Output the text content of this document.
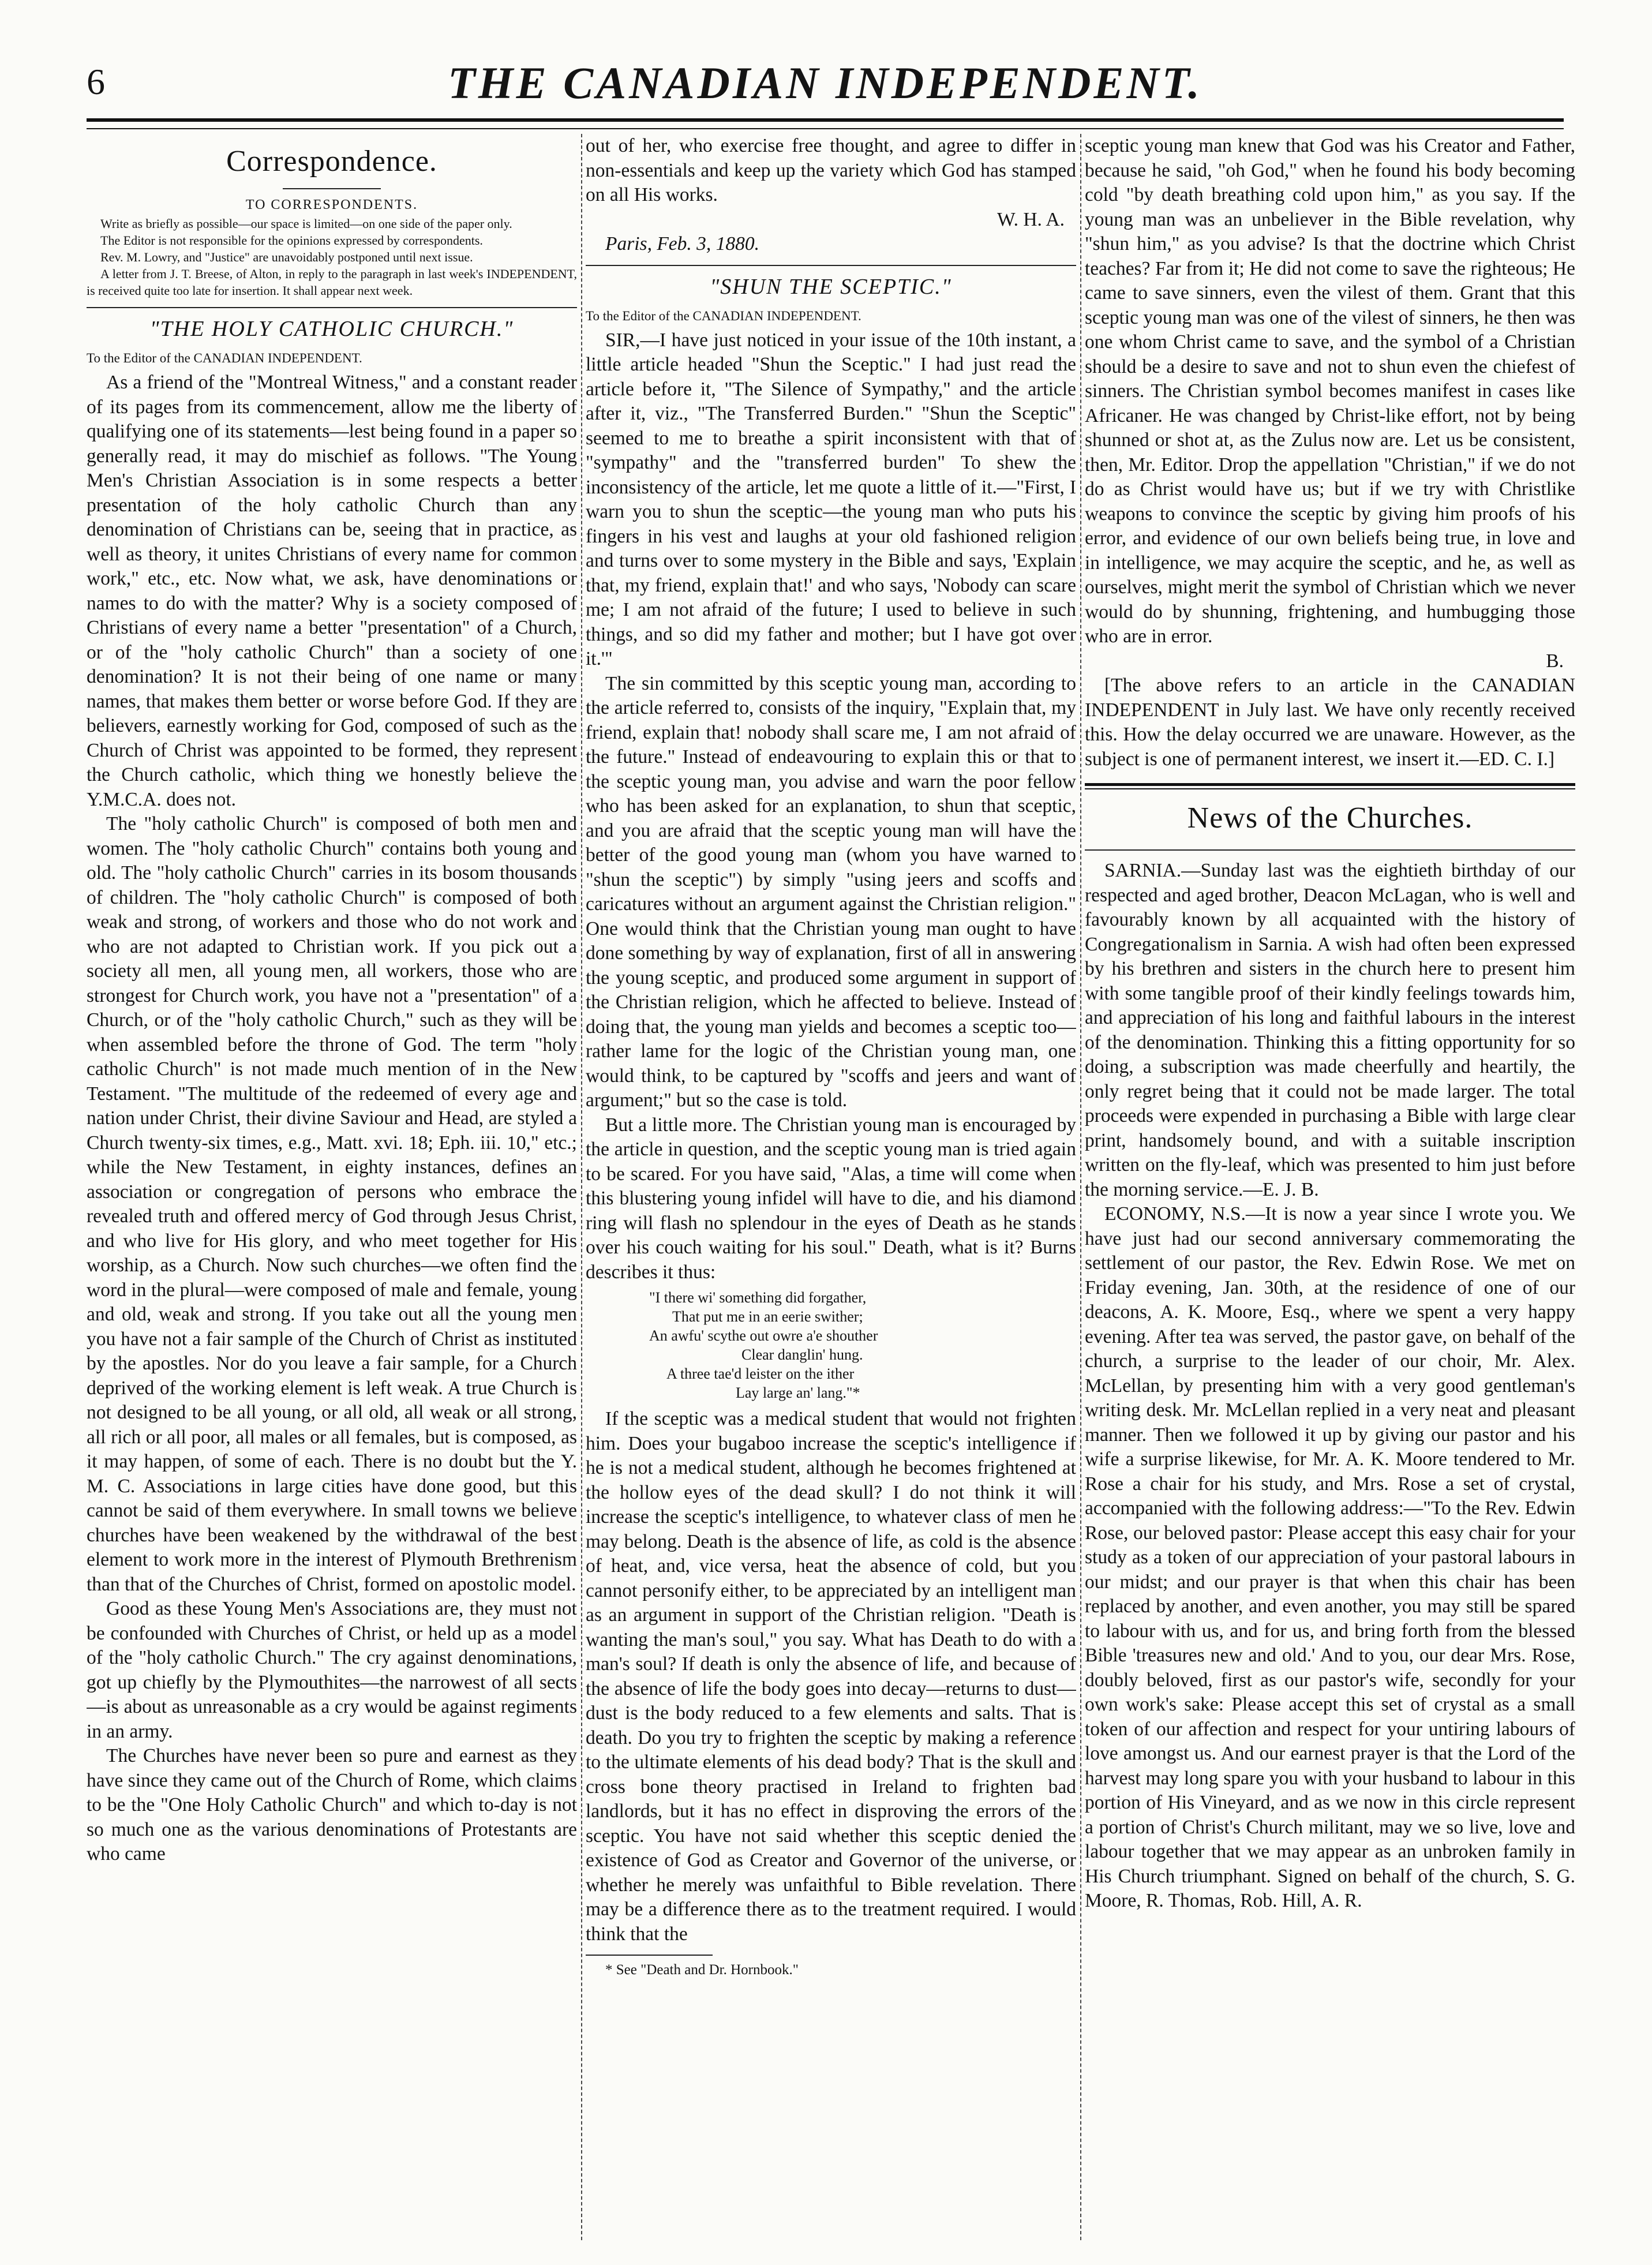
6	THE CANADIAN INDEPENDENT.
Correspondence.
TO CORRESPONDENTS.

Write as briefly as possible—our space is limited—on one side of the paper only.

The Editor is not responsible for the opinions expressed by correspondents.

Rev. M. Lowry, and "Justice" are unavoidably postponed until next issue.

A letter from J. T. Breese, of Alton, in reply to the paragraph in last week's INDEPENDENT, is received quite too late for insertion. It shall appear next week.

"THE HOLY CATHOLIC CHURCH."

To the Editor of the CANADIAN INDEPENDENT.

As a friend of the "Montreal Witness," and a constant reader of its pages from its commencement, allow me the liberty of qualifying one of its statements—lest being found in a paper so generally read, it may do mischief as follows. "The Young Men's Christian Association is in some respects a better presentation of the holy catholic Church than any denomination of Christians can be, seeing that in practice, as well as theory, it unites Christians of every name for common work," etc., etc. Now what, we ask, have denominations or names to do with the matter? Why is a society composed of Christians of every name a better "presentation" of a Church, or of the "holy catholic Church" than a society of one denomination? It is not their being of one name or many names, that makes them better or worse before God. If they are believers, earnestly working for God, composed of such as the Church of Christ was appointed to be formed, they represent the Church catholic, which thing we honestly believe the Y.M.C.A. does not.

The "holy catholic Church" is composed of both men and women. The "holy catholic Church" contains both young and old. The "holy catholic Church" carries in its bosom thousands of children. The "holy catholic Church" is composed of both weak and strong, of workers and those who do not work and who are not adapted to Christian work. If you pick out a society all men, all young men, all workers, those who are strongest for Church work, you have not a "presentation" of a Church, or of the "holy catholic Church," such as they will be when assembled before the throne of God. The term "holy catholic Church" is not made much mention of in the New Testament. "The multitude of the redeemed of every age and nation under Christ, their divine Saviour and Head, are styled a Church twenty-six times, e.g., Matt. xvi. 18; Eph. iii. 10," etc.; while the New Testament, in eighty instances, defines an association or congregation of persons who embrace the revealed truth and offered mercy of God through Jesus Christ, and who live for His glory, and who meet together for His worship, as a Church. Now such churches—we often find the word in the plural—were composed of male and female, young and old, weak and strong. If you take out all the young men you have not a fair sample of the Church of Christ as instituted by the apostles. Nor do you leave a fair sample, for a Church deprived of the working element is left weak. A true Church is not designed to be all young, or all old, all weak or all strong, all rich or all poor, all males or all females, but is composed, as it may happen, of some of each. There is no doubt but the Y. M. C. Associations in large cities have done good, but this cannot be said of them everywhere. In small towns we believe churches have been weakened by the withdrawal of the best element to work more in the interest of Plymouth Brethrenism than that of the Churches of Christ, formed on apostolic model.

Good as these Young Men's Associations are, they must not be confounded with Churches of Christ, or held up as a model of the "holy catholic Church." The cry against denominations, got up chiefly by the Plymouthites—the narrowest of all sects—is about as unreasonable as a cry would be against regiments in an army.

The Churches have never been so pure and earnest as they have since they came out of the Church of Rome, which claims to be the "One Holy Catholic Church" and which to-day is not so much one as the various denominations of Protestants are who came

out of her, who exercise free thought, and agree to differ in non-essentials and keep up the variety which God has stamped on all His works.

W. H. A.

Paris, Feb. 3, 1880.

"SHUN THE SCEPTIC."

To the Editor of the CANADIAN INDEPENDENT.

SIR,—I have just noticed in your issue of the 10th instant, a little article headed "Shun the Sceptic." I had just read the article before it, "The Silence of Sympathy," and the article after it, viz., "The Transferred Burden." "Shun the Sceptic" seemed to me to breathe a spirit inconsistent with that of "sympathy" and the "transferred burden" To shew the inconsistency of the article, let me quote a little of it.—"First, I warn you to shun the sceptic—the young man who puts his fingers in his vest and laughs at your old fashioned religion and turns over to some mystery in the Bible and says, 'Explain that, my friend, explain that!' and who says, 'Nobody can scare me; I am not afraid of the future; I used to believe in such things, and so did my father and mother; but I have got over it.'"

The sin committed by this sceptic young man, according to the article referred to, consists of the inquiry, "Explain that, my friend, explain that! nobody shall scare me, I am not afraid of the future." Instead of endeavouring to explain this or that to the sceptic young man, you advise and warn the poor fellow who has been asked for an explanation, to shun that sceptic, and you are afraid that the sceptic young man will have the better of the good young man (whom you have warned to "shun the sceptic") by simply "using jeers and scoffs and caricatures without an argument against the Christian religion." One would think that the Christian young man ought to have done something by way of explanation, first of all in answering the young sceptic, and produced some argument in support of the Christian religion, which he affected to believe. Instead of doing that, the young man yields and becomes a sceptic too—rather lame for the logic of the Christian young man, one would think, to be captured by "scoffs and jeers and want of argument;" but so the case is told.

But a little more. The Christian young man is encouraged by the article in question, and the sceptic young man is tried again to be scared. For you have said, "Alas, a time will come when this blustering young infidel will have to die, and his diamond ring will flash no splendour in the eyes of Death as he stands over his couch waiting for his soul." Death, what is it? Burns describes it thus:

"I there wi' something did forgather,
That put me in an eerie swither;
An awfu' scythe out owre a'e shouther
Clear danglin' hung.
A three tae'd leister on the ither
Lay large an' lang."*

If the sceptic was a medical student that would not frighten him. Does your bugaboo increase the sceptic's intelligence if he is not a medical student, although he becomes frightened at the hollow eyes of the dead skull? I do not think it will increase the sceptic's intelligence, to whatever class of men he may belong. Death is the absence of life, as cold is the absence of heat, and, vice versa, heat the absence of cold, but you cannot personify either, to be appreciated by an intelligent man as an argument in support of the Christian religion. "Death is wanting the man's soul," you say. What has Death to do with a man's soul? If death is only the absence of life, and because of the absence of life the body goes into decay—returns to dust—dust is the body reduced to a few elements and salts. That is death. Do you try to frighten the sceptic by making a reference to the ultimate elements of his dead body? That is the skull and cross bone theory practised in Ireland to frighten bad landlords, but it has no effect in disproving the errors of the sceptic. You have not said whether this sceptic denied the existence of God as Creator and Governor of the universe, or whether he merely was unfaithful to Bible revelation. There may be a difference there as to the treatment required. I would think that the

* See "Death and Dr. Hornbook."

sceptic young man knew that God was his Creator and Father, because he said, "oh God," when he found his body becoming cold "by death breathing cold upon him," as you say. If the young man was an unbeliever in the Bible revelation, why "shun him," as you advise? Is that the doctrine which Christ teaches? Far from it; He did not come to save the righteous; He came to save sinners, even the vilest of them. Grant that this sceptic young man was one of the vilest of sinners, he then was one whom Christ came to save, and the symbol of a Christian should be a desire to save and not to shun even the chiefest of sinners. The Christian symbol becomes manifest in cases like Africaner. He was changed by Christ-like effort, not by being shunned or shot at, as the Zulus now are. Let us be consistent, then, Mr. Editor. Drop the appellation "Christian," if we do not do as Christ would have us; but if we try with Christlike weapons to convince the sceptic by giving him proofs of his error, and evidence of our own beliefs being true, in love and in intelligence, we may acquire the sceptic, and he, as well as ourselves, might merit the symbol of Christian which we never would do by shunning, frightening, and humbugging those who are in error.

B.

[The above refers to an article in the CANADIAN INDEPENDENT in July last. We have only recently received this. How the delay occurred we are unaware. However, as the subject is one of permanent interest, we insert it.—ED. C. I.]

News of the Churches.

SARNIA.—Sunday last was the eightieth birthday of our respected and aged brother, Deacon McLagan, who is well and favourably known by all acquainted with the history of Congregationalism in Sarnia. A wish had often been expressed by his brethren and sisters in the church here to present him with some tangible proof of their kindly feelings towards him, and appreciation of his long and faithful labours in the interest of the denomination. Thinking this a fitting opportunity for so doing, a subscription was made cheerfully and heartily, the only regret being that it could not be made larger. The total proceeds were expended in purchasing a Bible with large clear print, handsomely bound, and with a suitable inscription written on the fly-leaf, which was presented to him just before the morning service.—E. J. B.

ECONOMY, N.S.—It is now a year since I wrote you. We have just had our second anniversary commemorating the settlement of our pastor, the Rev. Edwin Rose. We met on Friday evening, Jan. 30th, at the residence of one of our deacons, A. K. Moore, Esq., where we spent a very happy evening. After tea was served, the pastor gave, on behalf of the church, a surprise to the leader of our choir, Mr. Alex. McLellan, by presenting him with a very good gentleman's writing desk. Mr. McLellan replied in a very neat and pleasant manner. Then we followed it up by giving our pastor and his wife a surprise likewise, for Mr. A. K. Moore tendered to Mr. Rose a chair for his study, and Mrs. Rose a set of crystal, accompanied with the following address:—"To the Rev. Edwin Rose, our beloved pastor: Please accept this easy chair for your study as a token of our appreciation of your pastoral labours in our midst; and our prayer is that when this chair has been replaced by another, and even another, you may still be spared to labour with us, and for us, and bring forth from the blessed Bible 'treasures new and old.' And to you, our dear Mrs. Rose, doubly beloved, first as our pastor's wife, secondly for your own work's sake: Please accept this set of crystal as a small token of our affection and respect for your untiring labours of love amongst us. And our earnest prayer is that the Lord of the harvest may long spare you with your husband to labour in this portion of His Vineyard, and as we now in this circle represent a portion of Christ's Church militant, may we so live, love and labour together that we may appear as an unbroken family in His Church triumphant. Signed on behalf of the church, S. G. Moore, R. Thomas, Rob. Hill, A. R.
